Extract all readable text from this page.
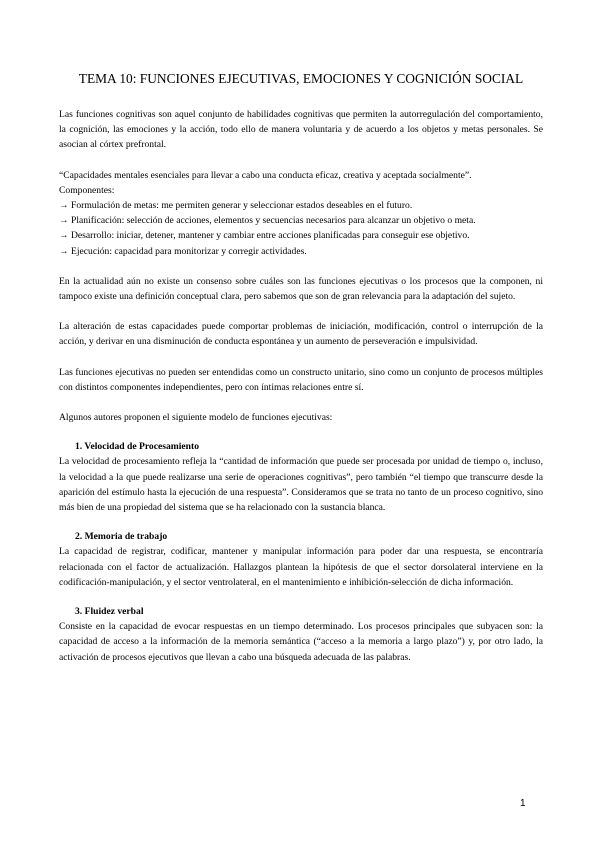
TEMA 10: FUNCIONES EJECUTIVAS, EMOCIONES Y COGNICIÓN SOCIAL

Las funciones cognitivas son aquel conjunto de habilidades cognitivas que permiten la autorregulación del comportamiento, la cognición, las emociones y la acción, todo ello de manera voluntaria y de acuerdo a los objetos y metas personales. Se asocian al córtex prefrontal.

“Capacidades mentales esenciales para llevar a cabo una conducta eficaz, creativa y aceptada socialmente”.

Componentes:

→ Formulación de metas: me permiten generar y seleccionar estados deseables en el futuro.
→ Planificación: selección de acciones, elementos y secuencias necesarios para alcanzar un objetivo o meta.
→ Desarrollo: iniciar, detener, mantener y cambiar entre acciones planificadas para conseguir ese objetivo.
→ Ejecución: capacidad para monitorizar y corregir actividades.

En la actualidad aún no existe un consenso sobre cuáles son las funciones ejecutivas o los procesos que la componen, ni tampoco existe una definición conceptual clara, pero sabemos que son de gran relevancia para la adaptación del sujeto.

La alteración de estas capacidades puede comportar problemas de iniciación, modificación, control o interrupción de la acción, y derivar en una disminución de conducta espontánea y un aumento de perseveración e impulsividad.

Las funciones ejecutivas no pueden ser entendidas como un constructo unitario, sino como un conjunto de procesos múltiples con distintos componentes independientes, pero con íntimas relaciones entre sí.

Algunos autores proponen el siguiente modelo de funciones ejecutivas:

1. Velocidad de Procesamiento

La velocidad de procesamiento refleja la “cantidad de información que puede ser procesada por unidad de tiempo o, incluso, la velocidad a la que puede realizarse una serie de operaciones cognitivas”, pero también “el tiempo que transcurre desde la aparición del estímulo hasta la ejecución de una respuesta”. Consideramos que se trata no tanto de un proceso cognitivo, sino más bien de una propiedad del sistema que se ha relacionado con la sustancia blanca.

2. Memoria de trabajo

La capacidad de registrar, codificar, mantener y manipular información para poder dar una respuesta, se encontraría relacionada con el factor de actualización. Hallazgos plantean la hipótesis de que el sector dorsolateral interviene en la codificación-manipulación, y el sector ventrolateral, en el mantenimiento e inhibición-selección de dicha información.

3. Fluidez verbal

Consiste en la capacidad de evocar respuestas en un tiempo determinado. Los procesos principales que subyacen son: la capacidad de acceso a la información de la memoria semántica (“acceso a la memoria a largo plazo”) y, por otro lado, la activación de procesos ejecutivos que llevan a cabo una búsqueda adecuada de las palabras.

1
